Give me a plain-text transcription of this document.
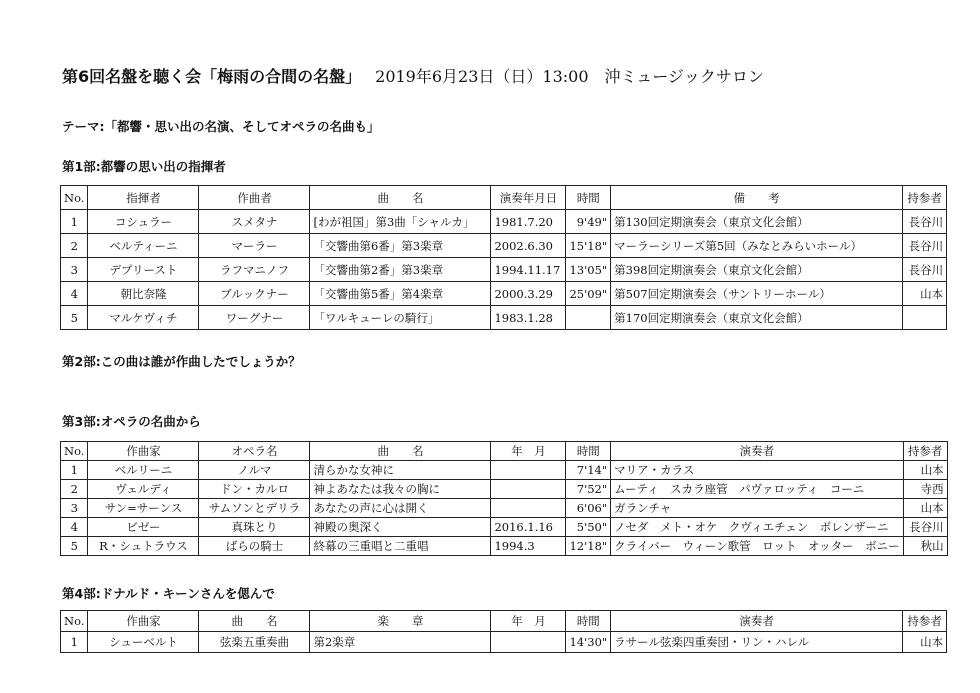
第6回名盤を聴く会「梅雨の合間の名盤」 2019年6月23日（日）13:00　沖ミュージックサロン
テーマ:「都響・思い出の名演、そしてオペラの名曲も」
第1部:都響の思い出の指揮者
No.	指揮者	作曲者	曲　　名	演奏年月日	時間	備　　考	持参者
1	コシュラー	スメタナ	[わが祖国」第3曲「シャルカ」	1981.7.20	9'49"	第130回定期演奏会（東京文化会館）	長谷川
2	ベルティーニ	マーラー	「交響曲第6番」第3楽章	2002.6.30	15'18"	マーラーシリーズ第5回（みなとみらいホール）	長谷川
3	デプリースト	ラフマニノフ	「交響曲第2番」第3楽章	1994.11.17	13'05"	第398回定期演奏会（東京文化会館）	長谷川
4	朝比奈隆	ブルックナー	「交響曲第5番」第4楽章	2000.3.29	25'09"	第507回定期演奏会（サントリーホール）	山本
5	マルケヴィチ	ワーグナー	「ワルキューレの騎行」	1983.1.28		第170回定期演奏会（東京文化会館）	
第2部:この曲は誰が作曲したでしょうか？
第3部:オペラの名曲から
No.	作曲家	オペラ名	曲　　名	年　月	時間	演奏者	持参者
1	ベルリーニ	ノルマ	清らかな女神に		7'14"	マリア・カラス	山本
2	ヴェルディ	ドン・カルロ	神よあなたは我々の胸に		7'52"	ムーティ　スカラ座管　パヴァロッティ　コーニ	寺西
3	サン=サーンス	サムソンとデリラ	あなたの声に心は開く		6'06"	ガランチャ	山本
4	ビゼー	真珠とり	神殿の奥深く	2016.1.16	5'50"	ノセダ　メト・オケ　クヴィエチェン　ポレンザーニ	長谷川
5	R・シュトラウス	ばらの騎士	終幕の三重唱と二重唱	1994.3	12'18"	クライバー　ウィーン歌管　ロット　オッター　ボニー	秋山
第4部:ドナルド・キーンさんを偲んで
No.	作曲家	曲　　名	楽　　章	年　月	時間	演奏者	持参者
1	シューベルト	弦楽五重奏曲	第2楽章		14'30"	ラサール弦楽四重奏団・リン・ハレル	山本
